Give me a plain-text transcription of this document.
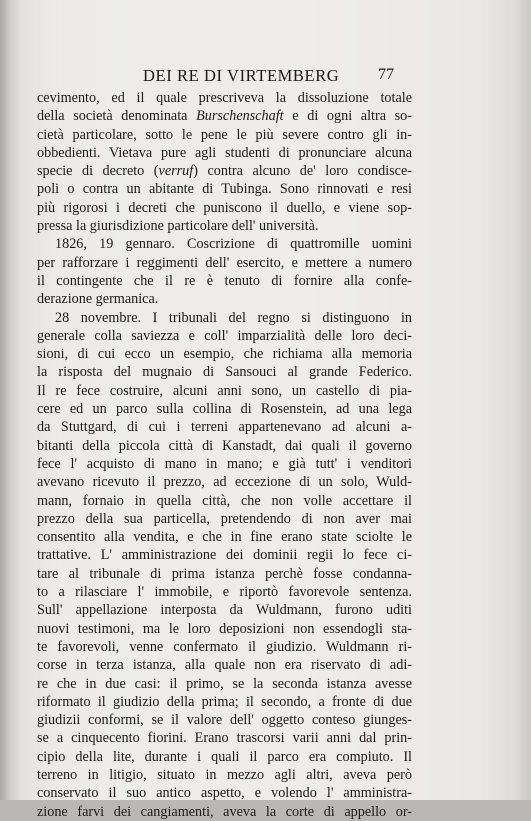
DEI RE DI VIRTEMBERG 77
cevimento, ed il quale prescriveva la dissoluzione totale
della società denominata Burschenschaft e di ogni altra so-
cietà particolare, sotto le pene le più severe contro gli in-
obbedienti. Vietava pure agli studenti di pronunciare alcuna
specie di decreto (verruf) contra alcuno de' loro condisce-
poli o contra un abitante di Tubinga. Sono rinnovati e resi
più rigorosi i decreti che puniscono il duello, e viene sop-
pressa la giurisdizione particolare dell' università.
1826, 19 gennaro. Coscrizione di quattromille uomini
per rafforzare i reggimenti dell' esercito, e mettere a numero
il contingente che il re è tenuto di fornire alla confe-
derazione germanica.
28 novembre. I tribunali del regno si distinguono in
generale colla saviezza e coll' imparzialità delle loro deci-
sioni, di cui ecco un esempio, che richiama alla memoria
la risposta del mugnaio di Sansouci al grande Federico.
Il re fece costruire, alcuni anni sono, un castello di pia-
cere ed un parco sulla collina di Rosenstein, ad una lega
da Stuttgard, di cui i terreni appartenevano ad alcuni a-
bitanti della piccola città di Kanstadt, dai quali il governo
fece l' acquisto di mano in mano; e già tutt' i venditori
avevano ricevuto il prezzo, ad eccezione di un solo, Wuld-
mann, fornaio in quella città, che non volle accettare il
prezzo della sua particella, pretendendo di non aver mai
consentito alla vendita, e che in fine erano state sciolte le
trattative. L' amministrazione dei dominii regii lo fece ci-
tare al tribunale di prima istanza perchè fosse condanna-
to a rilasciare l' immobile, e riportò favorevole sentenza.
Sull' appellazione interposta da Wuldmann, furono uditi
nuovi testimoni, ma le loro deposizioni non essendogli sta-
te favorevoli, venne confermato il giudizio. Wuldmann ri-
corse in terza istanza, alla quale non era riservato di adi-
re che in due casi: il primo, se la seconda istanza avesse
riformato il giudizio della prima; il secondo, a fronte di due
giudizii conformi, se il valore dell' oggetto conteso giunges-
se a cinquecento fiorini. Erano trascorsi varii anni dal prin-
cipio della lite, durante i quali il parco era compiuto. Il
terreno in litigio, situato in mezzo agli altri, aveva però
conservato il suo antico aspetto, e volendo l' amministra-
zione farvi dei cangiamenti, aveva la corte di appello or-
